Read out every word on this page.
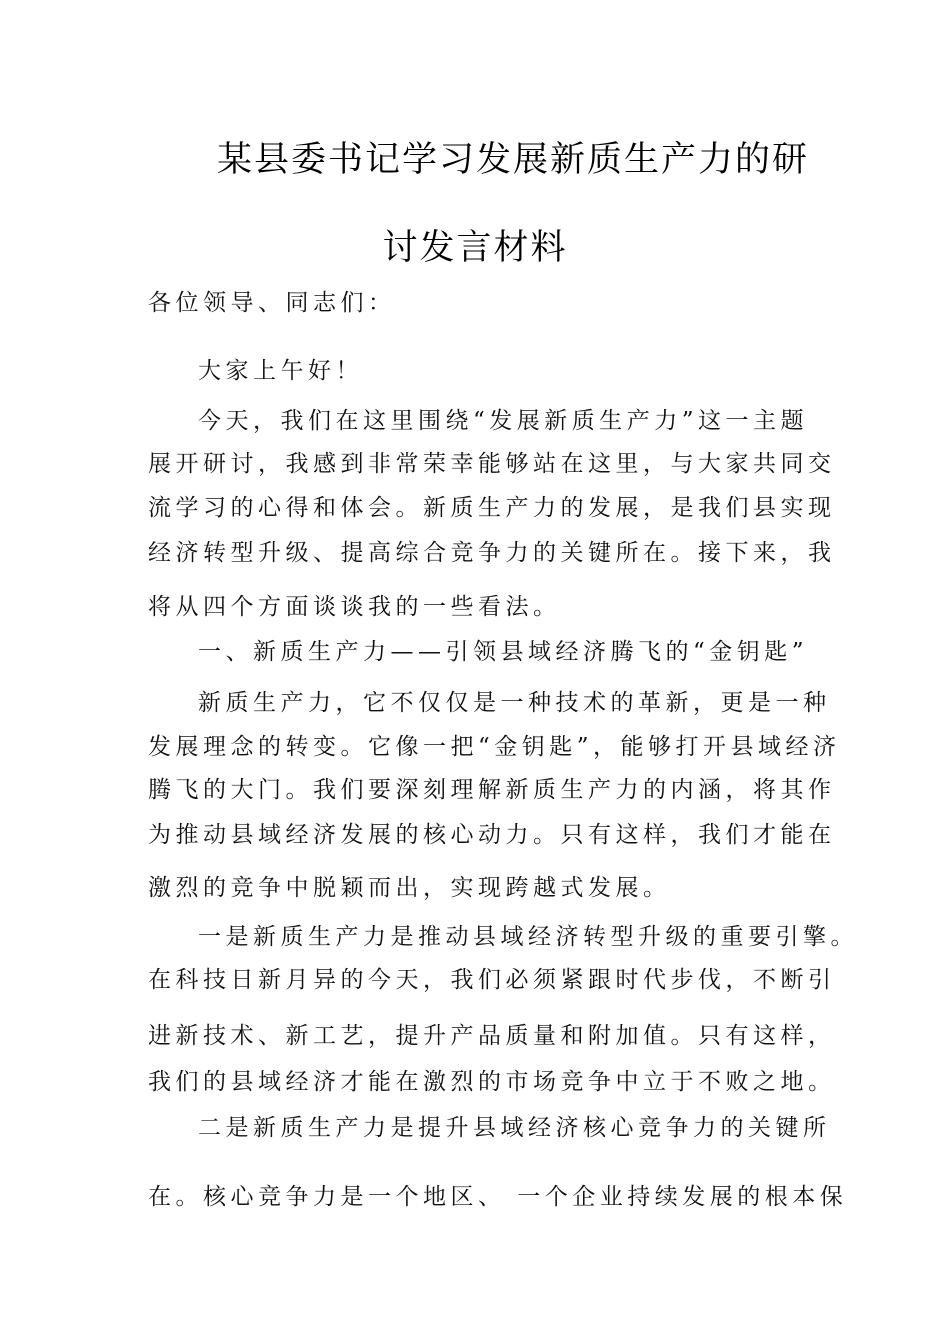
某县委书记学习发展新质生产力的研
讨发言材料

各位领导、同志们：

大家上午好！

今天，我们在这里围绕“发展新质生产力”这一主题

展开研讨，我感到非常荣幸能够站在这里，与大家共同交

流学习的心得和体会。新质生产力的发展，是我们县实现

经济转型升级、提高综合竞争力的关键所在。接下来，我

将从四个方面谈谈我的一些看法。

一、新质生产力——引领县域经济腾飞的“金钥匙”

新质生产力，它不仅仅是一种技术的革新，更是一种

发展理念的转变。它像一把“金钥匙”，能够打开县域经济

腾飞的大门。我们要深刻理解新质生产力的内涵，将其作

为推动县域经济发展的核心动力。只有这样，我们才能在

激烈的竞争中脱颖而出，实现跨越式发展。

一是新质生产力是推动县域经济转型升级的重要引擎。

在科技日新月异的今天，我们必须紧跟时代步伐，不断引

进新技术、新工艺，提升产品质量和附加值。只有这样，

我们的县域经济才能在激烈的市场竞争中立于不败之地。

二是新质生产力是提升县域经济核心竞争力的关键所

在。核心竞争力是一个地区、 一个企业持续发展的根本保
